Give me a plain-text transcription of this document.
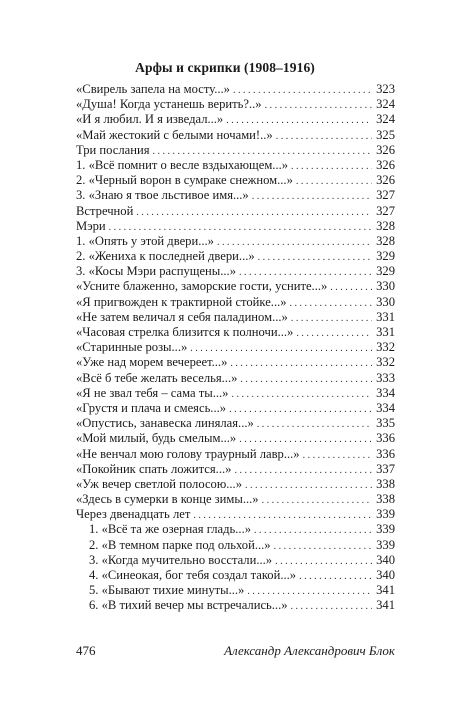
Арфы и скрипки (1908–1916)
«Свирель запела на мосту...» . . .	323
«Душа! Когда устанешь верить?..» . . .	324
«И я любил. И я изведал...» . . .	324
«Май жестокий с белыми ночами!..» . . .	325
Три послания . . .	326
1. «Всё помнит о весле вздыхающем...» . . .	326
2. «Черный ворон в сумраке снежном...» . . .	326
3. «Знаю я твое льстивое имя...» . . .	327
Встречной . . .	327
Мэри . . .	328
1. «Опять у этой двери...» . . .	328
2. «Жениха к последней двери...» . . .	329
3. «Косы Мэри распущены...» . . .	329
«Усните блаженно, заморские гости, усните...» . . .	330
«Я пригвожден к трактирной стойке...» . . .	330
«Не затем величал я себя паладином...» . . .	331
«Часовая стрелка близится к полночи...» . . .	331
«Старинные розы...» . . .	332
«Уже над морем вечереет...» . . .	332
«Всё б тебе желать веселья...» . . .	333
«Я не звал тебя – сама ты...» . . .	334
«Грустя и плача и смеясь...» . . .	334
«Опустись, занавеска линялая...» . . .	335
«Мой милый, будь смелым...» . . .	336
«Не венчал мою голову траурный лавр...» . . .	336
«Покойник спать ложится...» . . .	337
«Уж вечер светлой полосою...» . . .	338
«Здесь в сумерки в конце зимы...» . . .	338
Через двенадцать лет . . .	339
1. «Всё та же озерная гладь...» . . .	339
2. «В темном парке под ольхой...» . . .	339
3. «Когда мучительно восстали...» . . .	340
4. «Синеокая, бог тебя создал такой...» . . .	340
5. «Бывают тихие минуты...» . . .	341
6. «В тихий вечер мы встречались...» . . .	341
476	Александр Александрович Блок
